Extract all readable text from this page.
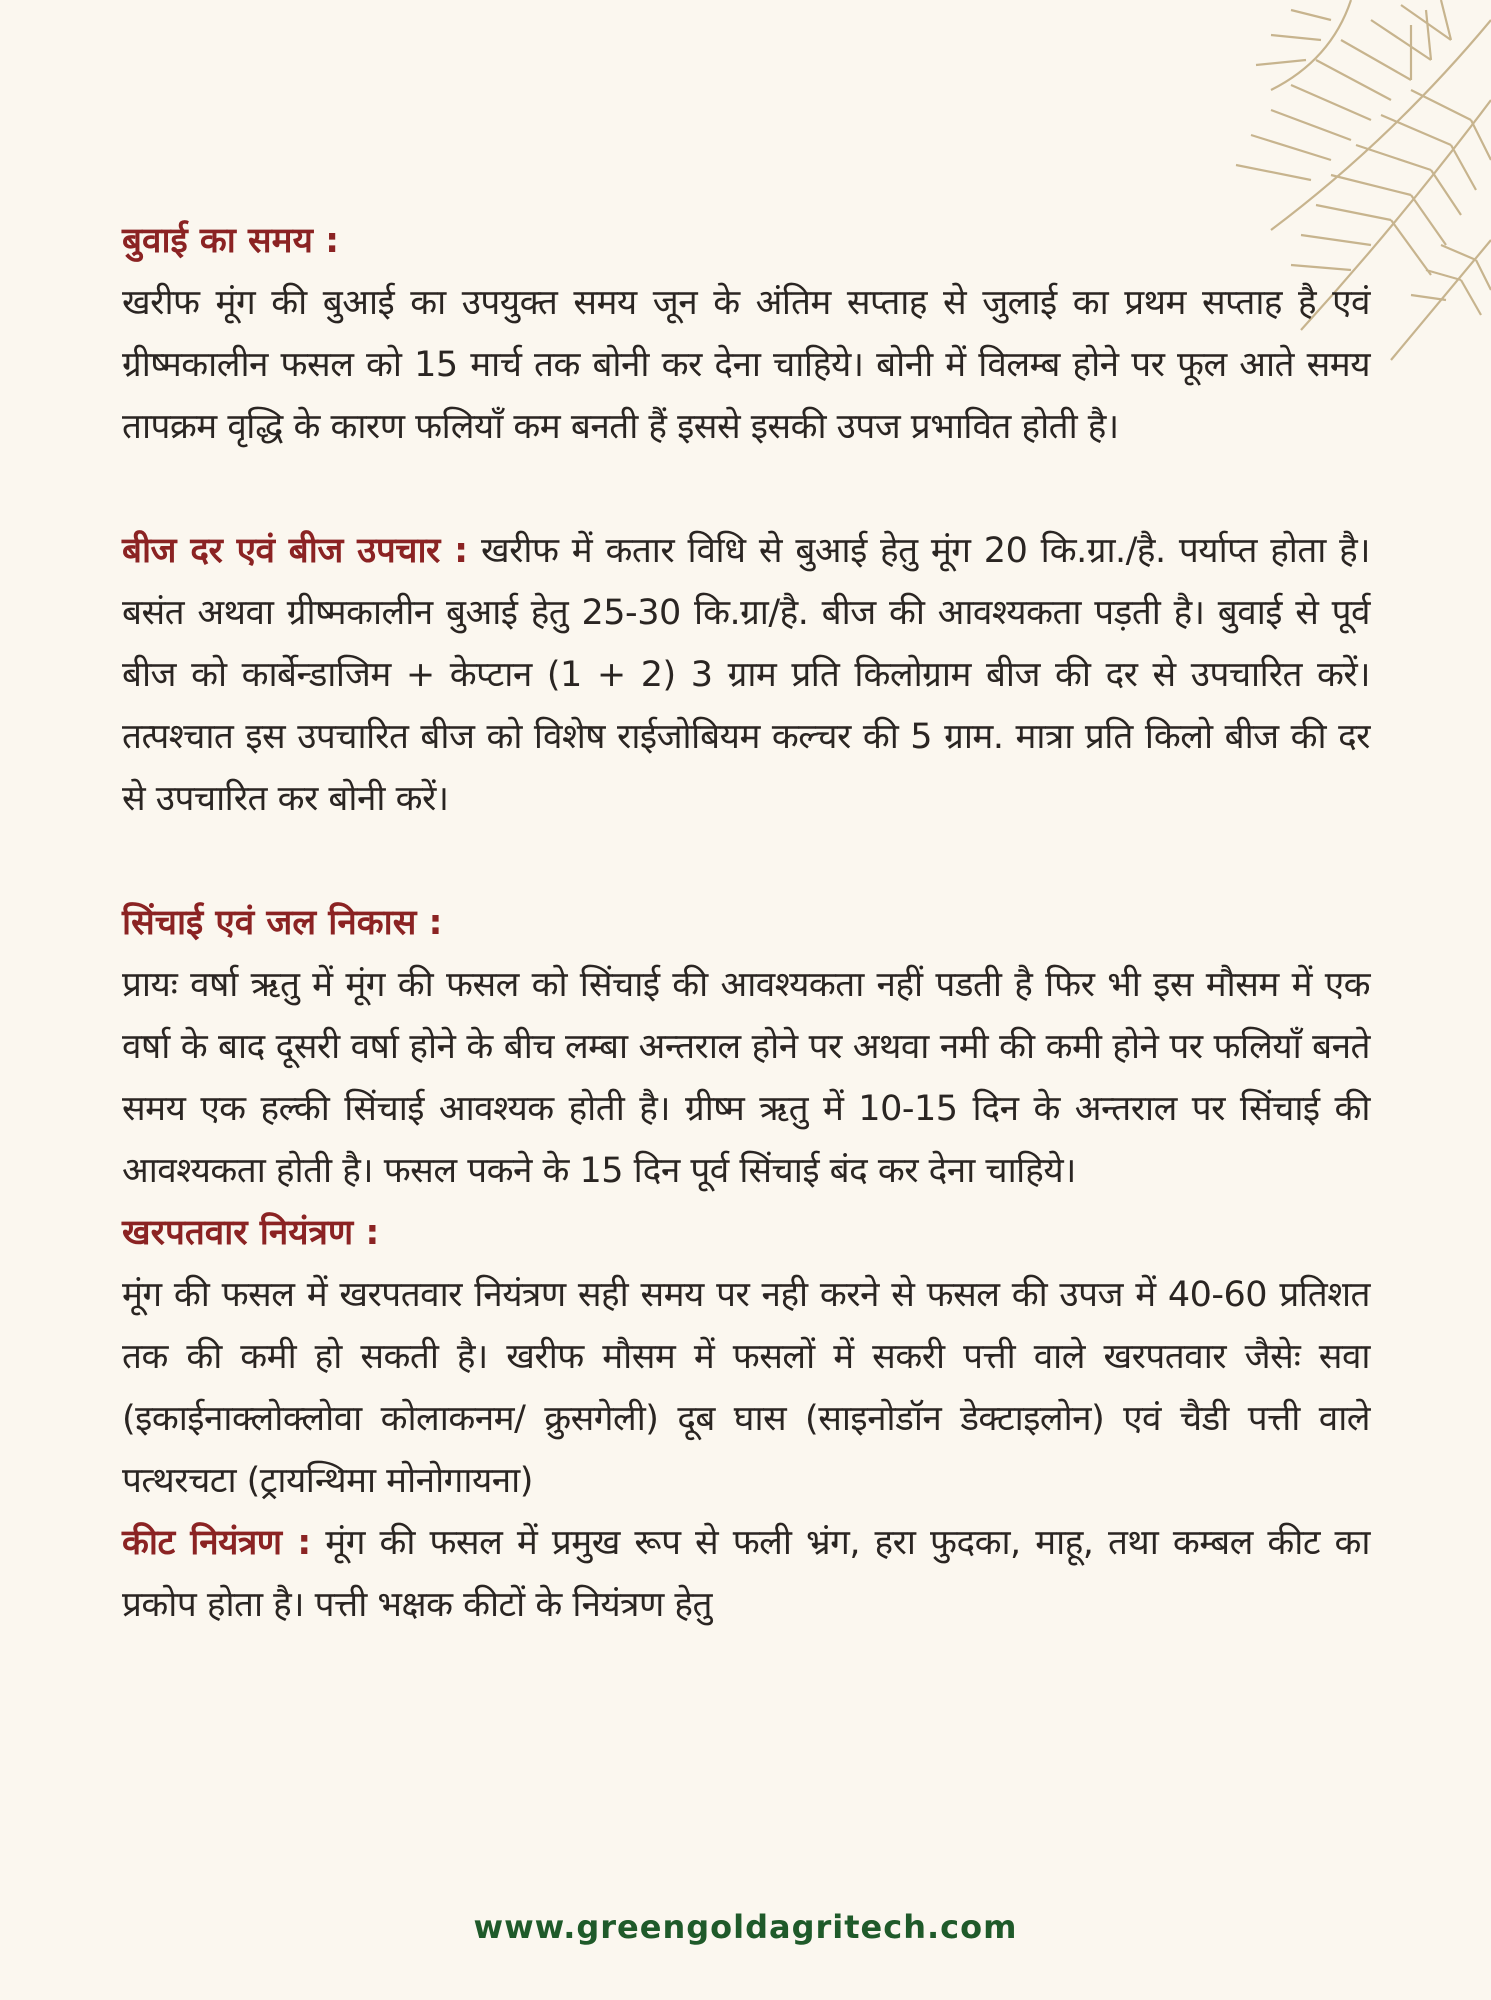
बुवाई का समय :

खरीफ मूंग की बुआई का उपयुक्त समय जून के अंतिम सप्ताह से जुलाई का प्रथम सप्ताह है एवं ग्रीष्मकालीन फसल को 15 मार्च तक बोनी कर देना चाहिये। बोनी में विलम्ब होने पर फूल आते समय तापक्रम वृद्धि के कारण फलियाँ कम बनती हैं इससे इसकी उपज प्रभावित होती है।

बीज दर एवं बीज उपचार : खरीफ में कतार विधि से बुआई हेतु मूंग 20 कि.ग्रा./है. पर्याप्त होता है। बसंत अथवा ग्रीष्मकालीन बुआई हेतु 25-30 कि.ग्रा/है. बीज की आवश्यकता पड़ती है। बुवाई से पूर्व बीज को कार्बेन्डाजिम + केप्टान (1 + 2) 3 ग्राम प्रति किलोग्राम बीज की दर से उपचारित करें। तत्पश्चात इस उपचारित बीज को विशेष राईजोबियम कल्चर की 5 ग्राम. मात्रा प्रति किलो बीज की दर से उपचारित कर बोनी करें।

सिंचाई एवं जल निकास :

प्रायः वर्षा ऋतु में मूंग की फसल को सिंचाई की आवश्यकता नहीं पडती है फिर भी इस मौसम में एक वर्षा के बाद दूसरी वर्षा होने के बीच लम्बा अन्तराल होने पर अथवा नमी की कमी होने पर फलियाँ बनते समय एक हल्की सिंचाई आवश्यक होती है। ग्रीष्म ऋतु में 10-15 दिन के अन्तराल पर सिंचाई की आवश्यकता होती है। फसल पकने के 15 दिन पूर्व सिंचाई बंद कर देना चाहिये।

खरपतवार नियंत्रण :

मूंग की फसल में खरपतवार नियंत्रण सही समय पर नही करने से फसल की उपज में 40-60 प्रतिशत तक की कमी हो सकती है। खरीफ मौसम में फसलों में सकरी पत्ती वाले खरपतवार जैसेः सवा (इकाईनाक्लोक्लोवा कोलाकनम/ क्रुसगेली) दूब घास (साइनोडॉन डेक्टाइलोन) एवं चैडी पत्ती वाले पत्थरचटा (ट्रायन्थिमा मोनोगायना)

कीट नियंत्रण : मूंग की फसल में प्रमुख रूप से फली भ्रंग, हरा फुदका, माहू, तथा कम्बल कीट का प्रकोप होता है। पत्ती भक्षक कीटों के नियंत्रण हेतु

www.greengoldagritech.com
